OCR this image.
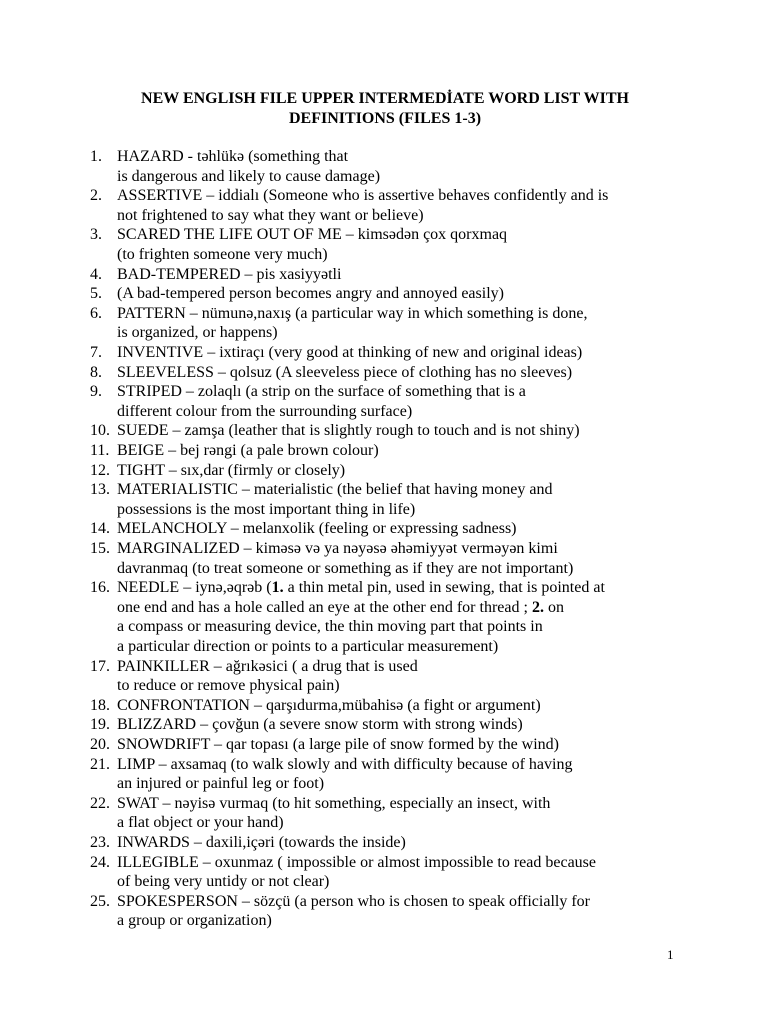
NEW ENGLISH FILE UPPER INTERMEDİATE WORD LIST WITH DEFINITIONS (FILES 1-3)
1. HAZARD - təhlükə (something that
is dangerous and likely to cause damage)
2. ASSERTIVE – iddialı (Someone who is assertive behaves confidently and is
not frightened to say what they want or believe)
3. SCARED THE LIFE OUT OF ME – kimsədən çox qorxmaq
(to frighten someone very much)
4. BAD-TEMPERED – pis xasiyyətli
5. (A bad-tempered person becomes angry and annoyed easily)
6. PATTERN – nümunə,naxış (a particular way in which something is done,
is organized, or happens)
7. INVENTIVE – ixtiraçı (very good at thinking of new and original ideas)
8. SLEEVELESS – qolsuz (A sleeveless piece of clothing has no sleeves)
9. STRIPED – zolaqlı (a strip on the surface of something that is a
different colour from the surrounding surface)
10. SUEDE – zamşa (leather that is slightly rough to touch and is not shiny)
11. BEIGE – bej rəngi (a pale brown colour)
12. TIGHT – sıx,dar (firmly or closely)
13. MATERIALISTIC – materialistic (the belief that having money and
possessions is the most important thing in life)
14. MELANCHOLY – melanxolik (feeling or expressing sadness)
15. MARGINALIZED – kiməsə və ya nəyəsə əhəmiyyət verməyən kimi
davranmaq (to treat someone or something as if they are not important)
16. NEEDLE – iynə,əqrəb (1. a thin metal pin, used in sewing, that is pointed at
one end and has a hole called an eye at the other end for thread ; 2. on
a compass or measuring device, the thin moving part that points in
a particular direction or points to a particular measurement)
17. PAINKILLER – ağrıkəsici ( a drug that is used
to reduce or remove physical pain)
18. CONFRONTATION – qarşıdurma,mübahisə (a fight or argument)
19. BLIZZARD – çovğun (a severe snow storm with strong winds)
20. SNOWDRIFT – qar topası (a large pile of snow formed by the wind)
21. LIMP – axsamaq (to walk slowly and with difficulty because of having
an injured or painful leg or foot)
22. SWAT – nəyisə vurmaq (to hit something, especially an insect, with
a flat object or your hand)
23. INWARDS – daxili,içəri (towards the inside)
24. ILLEGIBLE – oxunmaz ( impossible or almost impossible to read because
of being very untidy or not clear)
25. SPOKESPERSON – sözçü (a person who is chosen to speak officially for
a group or organization)
1
